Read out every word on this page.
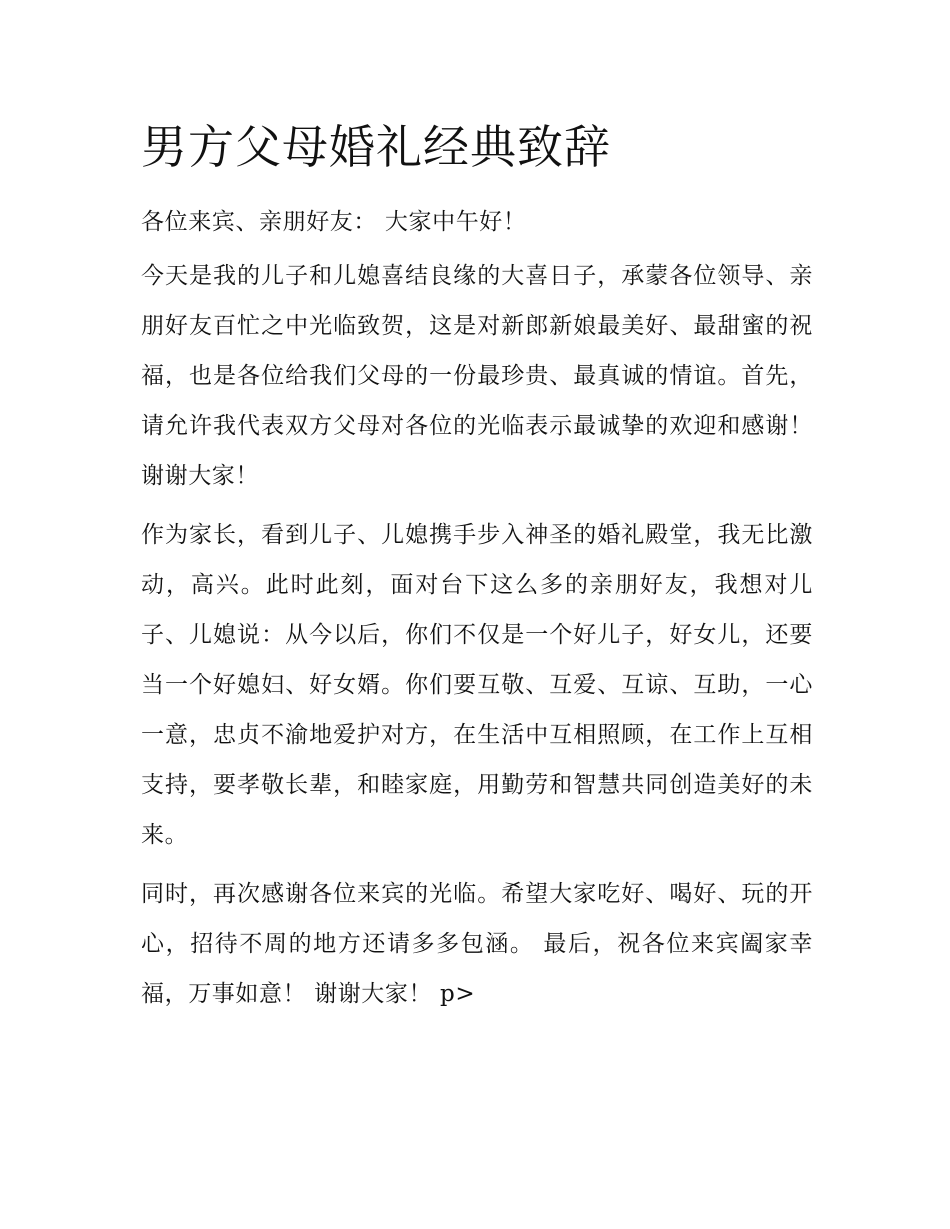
男方父母婚礼经典致辞

各位来宾、亲朋好友： 大家中午好！

今天是我的儿子和儿媳喜结良缘的大喜日子，承蒙各位领导、亲朋好友百忙之中光临致贺，这是对新郎新娘最美好、最甜蜜的祝福，也是各位给我们父母的一份最珍贵、最真诚的情谊。首先，请允许我代表双方父母对各位的光临表示最诚挚的欢迎和感谢！谢谢大家！

作为家长，看到儿子、儿媳携手步入神圣的婚礼殿堂，我无比激动，高兴。此时此刻，面对台下这么多的亲朋好友，我想对儿子、儿媳说：从今以后，你们不仅是一个好儿子，好女儿，还要当一个好媳妇、好女婿。你们要互敬、互爱、互谅、互助，一心一意，忠贞不渝地爱护对方，在生活中互相照顾，在工作上互相支持，要孝敬长辈，和睦家庭，用勤劳和智慧共同创造美好的未来。

同时，再次感谢各位来宾的光临。希望大家吃好、喝好、玩的开心，招待不周的地方还请多多包涵。 最后，祝各位来宾阖家幸福，万事如意！ 谢谢大家！ p>
